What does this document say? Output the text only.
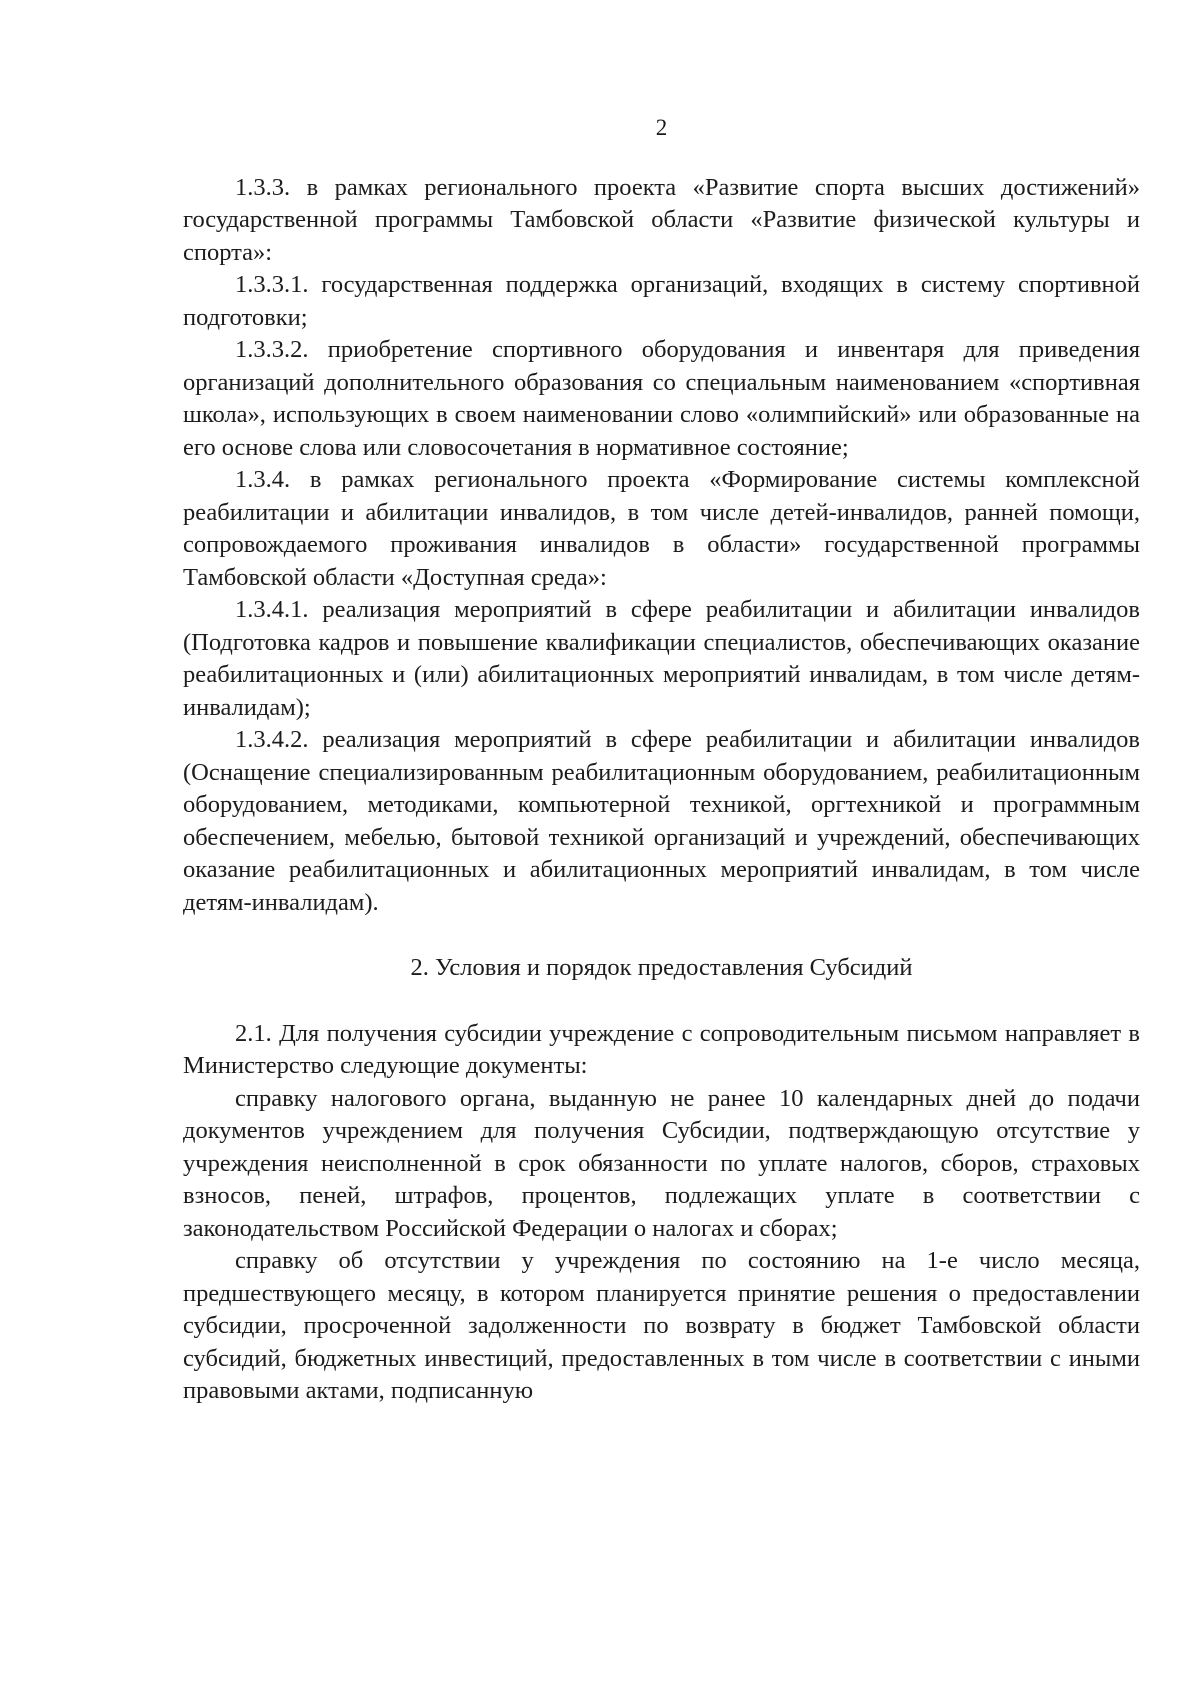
2

1.3.3. в рамках регионального проекта «Развитие спорта высших достижений» государственной программы Тамбовской области «Развитие физической культуры и спорта»:

1.3.3.1. государственная поддержка организаций, входящих в систему спортивной подготовки;

1.3.3.2. приобретение спортивного оборудования и инвентаря для приведения организаций дополнительного образования со специальным наименованием «спортивная школа», использующих в своем наименовании слово «олимпийский» или образованные на его основе слова или словосочетания в нормативное состояние;

1.3.4. в рамках регионального проекта «Формирование системы комплексной реабилитации и абилитации инвалидов, в том числе детей-инвалидов, ранней помощи, сопровождаемого проживания инвалидов в области» государственной программы Тамбовской области «Доступная среда»:

1.3.4.1. реализация мероприятий в сфере реабилитации и абилитации инвалидов (Подготовка кадров и повышение квалификации специалистов, обеспечивающих оказание реабилитационных и (или) абилитационных мероприятий инвалидам, в том числе детям-инвалидам);

1.3.4.2. реализация мероприятий в сфере реабилитации и абилитации инвалидов (Оснащение специализированным реабилитационным оборудованием, реабилитационным оборудованием, методиками, компьютерной техникой, оргтехникой и программным обеспечением, мебелью, бытовой техникой организаций и учреждений, обеспечивающих оказание реабилитационных и абилитационных мероприятий инвалидам, в том числе детям-инвалидам).

2. Условия и порядок предоставления Субсидий

2.1. Для получения субсидии учреждение с сопроводительным письмом направляет в Министерство следующие документы:

справку налогового органа, выданную не ранее 10 календарных дней до подачи документов учреждением для получения Субсидии, подтверждающую отсутствие у учреждения неисполненной в срок обязанности по уплате налогов, сборов, страховых взносов, пеней, штрафов, процентов, подлежащих уплате в соответствии с законодательством Российской Федерации о налогах и сборах;

справку об отсутствии у учреждения по состоянию на 1-е число месяца, предшествующего месяцу, в котором планируется принятие решения о предоставлении субсидии, просроченной задолженности по возврату в бюджет Тамбовской области субсидий, бюджетных инвестиций, предоставленных в том числе в соответствии с иными правовыми актами, подписанную
